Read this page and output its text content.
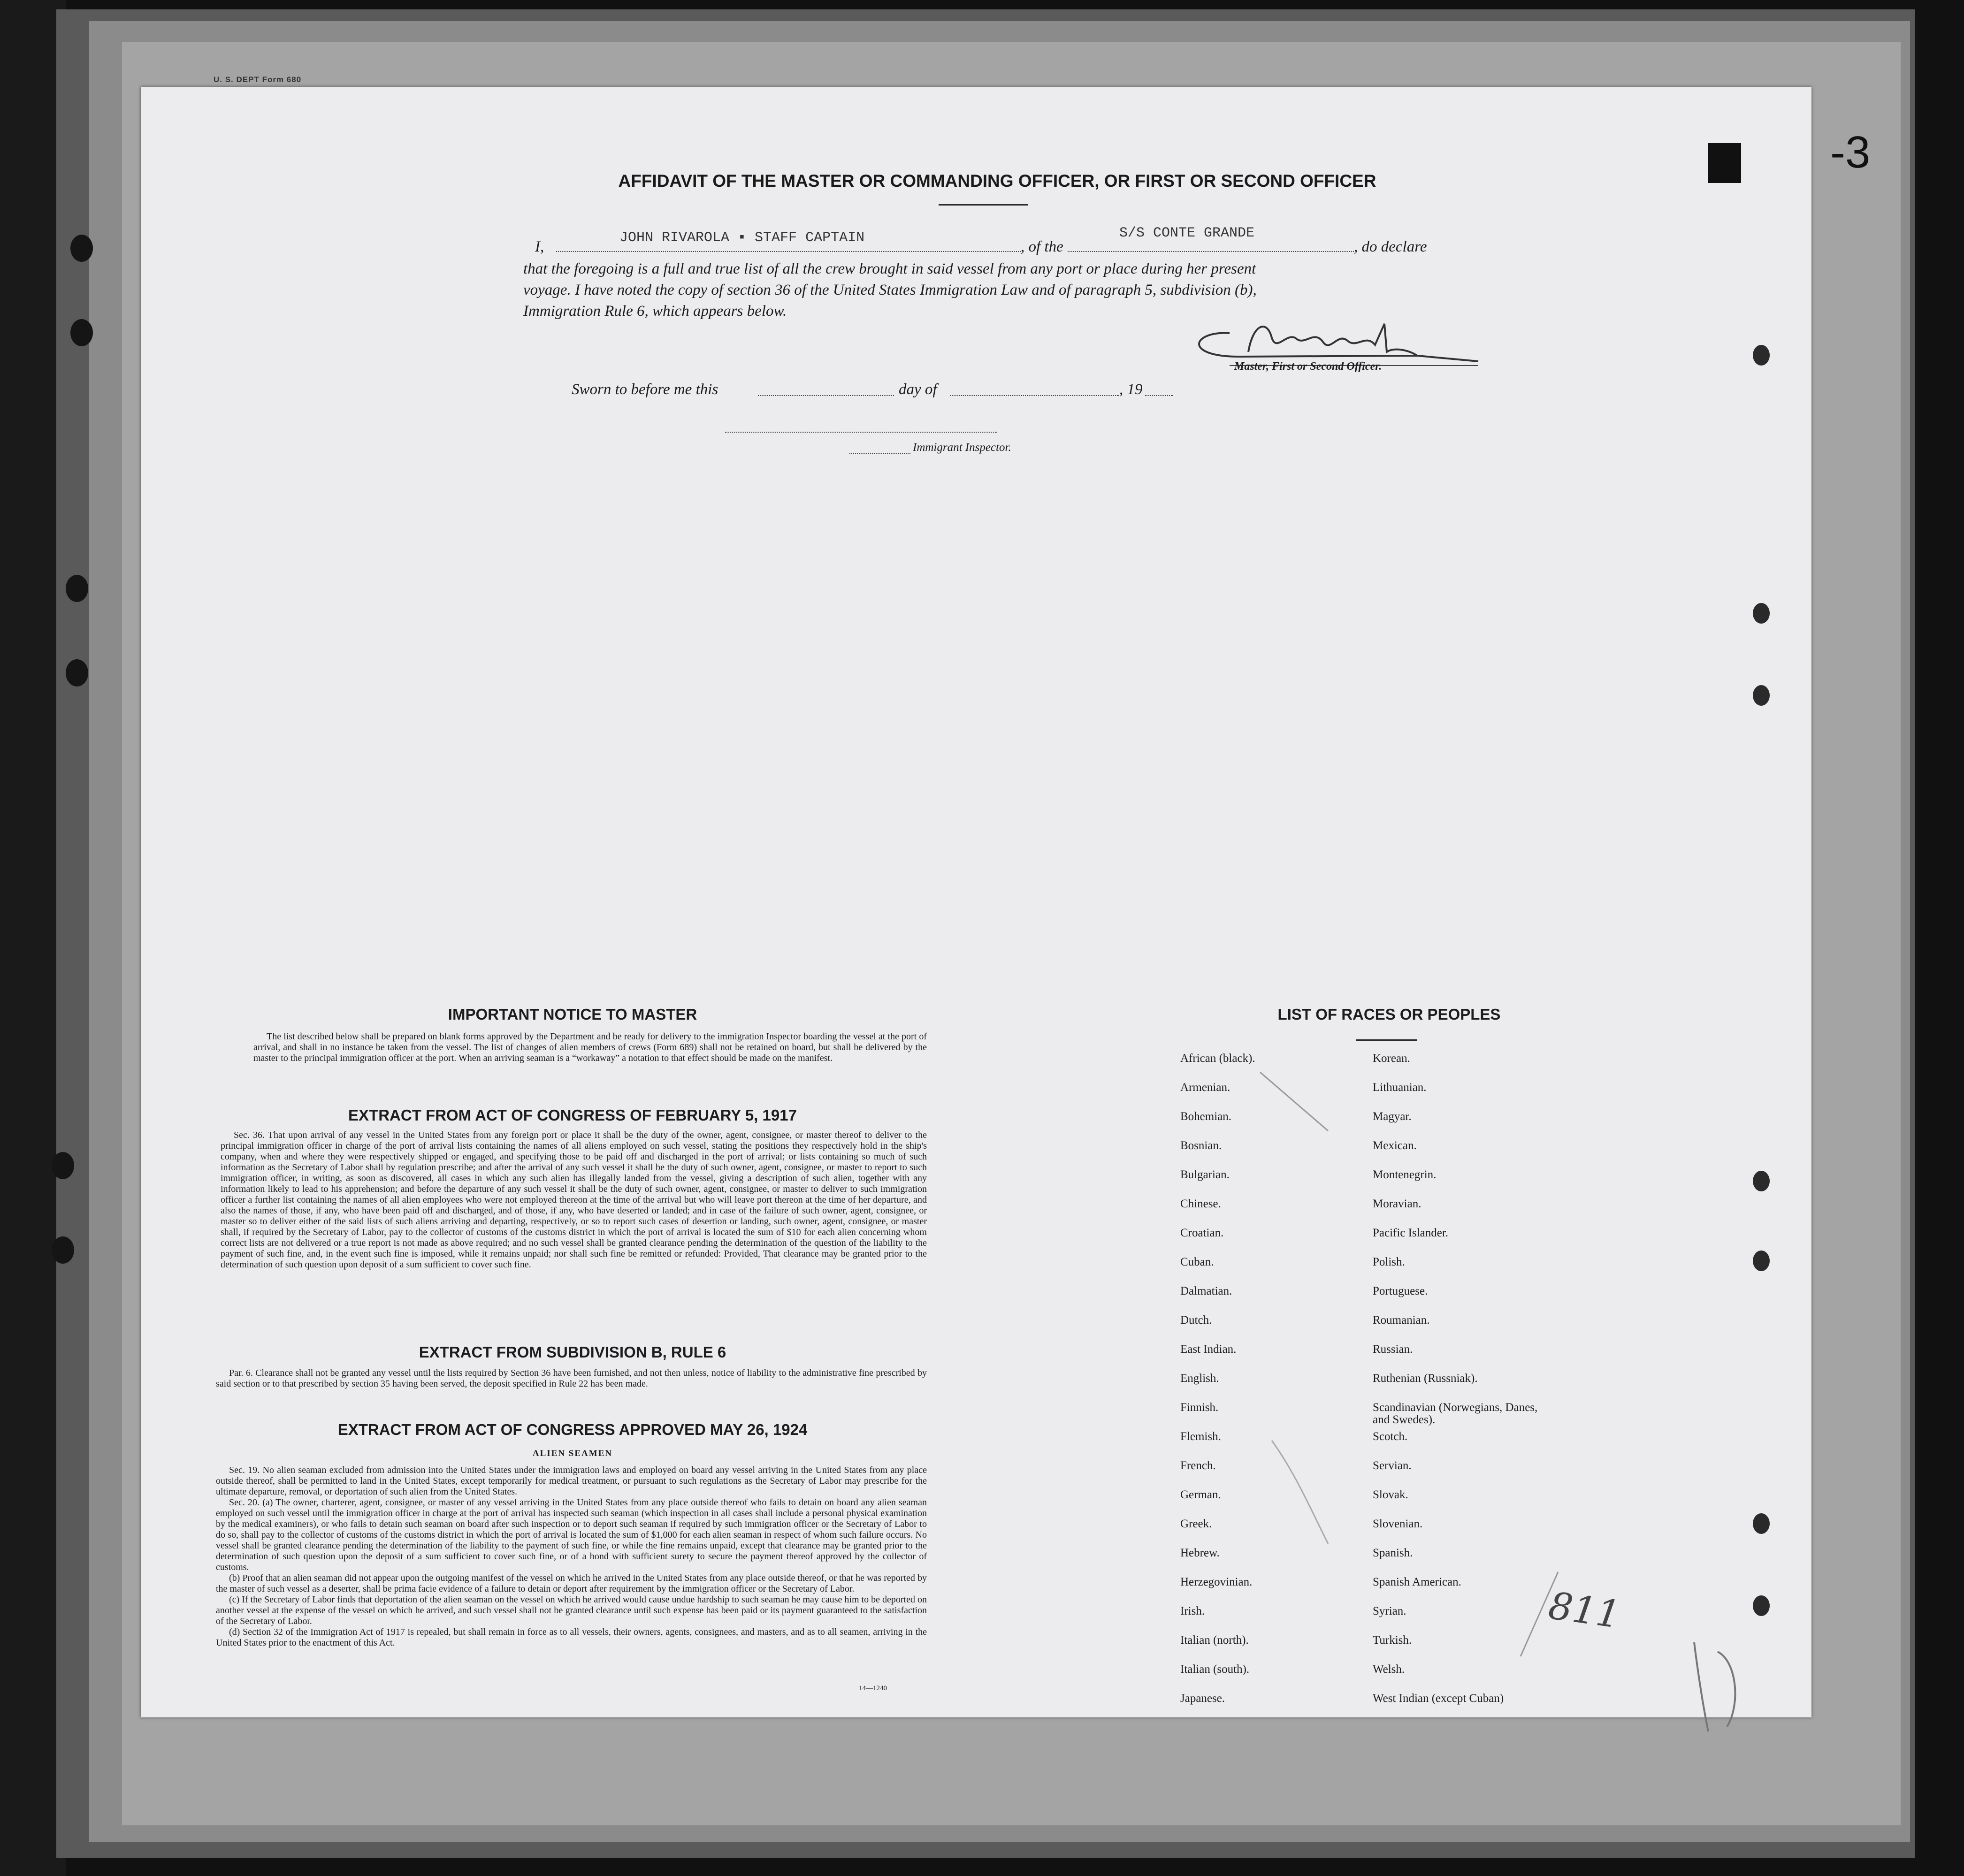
U. S. DEPT Form 680
-3
AFFIDAVIT OF THE MASTER OR COMMANDING OFFICER, OR FIRST OR SECOND OFFICER
I,
JOHN RIVAROLA ▪ STAFF CAPTAIN
, of the
S/S CONTE GRANDE
, do declare
that the foregoing is a full and true list of all the crew brought in said vessel from any port or place during her present
voyage. I have noted the copy of section 36 of the United States Immigration Law and of paragraph 5, subdivision (b),
Immigration Rule 6, which appears below.
Master, First or Second Officer.
Sworn to before me this	day of	, 19
Immigrant Inspector.
IMPORTANT NOTICE TO MASTER

The list described below shall be prepared on blank forms approved by the Department and be ready for delivery to the immigration Inspector boarding the vessel at the port of arrival, and shall in no instance be taken from the vessel. The list of changes of alien members of crews (Form 689) shall not be retained on board, but shall be delivered by the master to the principal immigration officer at the port. When an arriving seaman is a “workaway” a notation to that effect should be made on the manifest.

EXTRACT FROM ACT OF CONGRESS OF FEBRUARY 5, 1917

Sec. 36. That upon arrival of any vessel in the United States from any foreign port or place it shall be the duty of the owner, agent, consignee, or master thereof to deliver to the principal immigration officer in charge of the port of arrival lists containing the names of all aliens employed on such vessel, stating the positions they respectively hold in the ship's company, when and where they were respectively shipped or engaged, and specifying those to be paid off and discharged in the port of arrival; or lists containing so much of such information as the Secretary of Labor shall by regulation prescribe; and after the arrival of any such vessel it shall be the duty of such owner, agent, consignee, or master to report to such immigration officer, in writing, as soon as discovered, all cases in which any such alien has illegally landed from the vessel, giving a description of such alien, together with any information likely to lead to his apprehension; and before the departure of any such vessel it shall be the duty of such owner, agent, consignee, or master to deliver to such immigration officer a further list containing the names of all alien employees who were not employed thereon at the time of the arrival but who will leave port thereon at the time of her departure, and also the names of those, if any, who have been paid off and discharged, and of those, if any, who have deserted or landed; and in case of the failure of such owner, agent, consignee, or master so to deliver either of the said lists of such aliens arriving and departing, respectively, or so to report such cases of desertion or landing, such owner, agent, consignee, or master shall, if required by the Secretary of Labor, pay to the collector of customs of the customs district in which the port of arrival is located the sum of $10 for each alien concerning whom correct lists are not delivered or a true report is not made as above required; and no such vessel shall be granted clearance pending the determination of the question of the liability to the payment of such fine, and, in the event such fine is imposed, while it remains unpaid; nor shall such fine be remitted or refunded: Provided, That clearance may be granted prior to the determination of such question upon deposit of a sum sufficient to cover such fine.

EXTRACT FROM SUBDIVISION B, RULE 6

Par. 6. Clearance shall not be granted any vessel until the lists required by Section 36 have been furnished, and not then unless, notice of liability to the administrative fine prescribed by said section or to that prescribed by section 35 having been served, the deposit specified in Rule 22 has been made.

EXTRACT FROM ACT OF CONGRESS APPROVED MAY 26, 1924
ALIEN SEAMEN

Sec. 19. No alien seaman excluded from admission into the United States under the immigration laws and employed on board any vessel arriving in the United States from any place outside thereof, shall be permitted to land in the United States, except temporarily for medical treatment, or pursuant to such regulations as the Secretary of Labor may prescribe for the ultimate departure, removal, or deportation of such alien from the United States.

Sec. 20. (a) The owner, charterer, agent, consignee, or master of any vessel arriving in the United States from any place outside thereof who fails to detain on board any alien seaman employed on such vessel until the immigration officer in charge at the port of arrival has inspected such seaman (which inspection in all cases shall include a personal physical examination by the medical examiners), or who fails to detain such seaman on board after such inspection or to deport such seaman if required by such immigration officer or the Secretary of Labor to do so, shall pay to the collector of customs of the customs district in which the port of arrival is located the sum of $1,000 for each alien seaman in respect of whom such failure occurs. No vessel shall be granted clearance pending the determination of the liability to the payment of such fine, or while the fine remains unpaid, except that clearance may be granted prior to the determination of such question upon the deposit of a sum sufficient to cover such fine, or of a bond with sufficient surety to secure the payment thereof approved by the collector of customs.

(b) Proof that an alien seaman did not appear upon the outgoing manifest of the vessel on which he arrived in the United States from any place outside thereof, or that he was reported by the master of such vessel as a deserter, shall be prima facie evidence of a failure to detain or deport after requirement by the immigration officer or the Secretary of Labor.

(c) If the Secretary of Labor finds that deportation of the alien seaman on the vessel on which he arrived would cause undue hardship to such seaman he may cause him to be deported on another vessel at the expense of the vessel on which he arrived, and such vessel shall not be granted clearance until such expense has been paid or its payment guaranteed to the satisfaction of the Secretary of Labor.

(d) Section 32 of the Immigration Act of 1917 is repealed, but shall remain in force as to all vessels, their owners, agents, consignees, and masters, and as to all seamen, arriving in the United States prior to the enactment of this Act.

14—1240
LIST OF RACES OR PEOPLES
African (black).
Armenian.
Bohemian.
Bosnian.
Bulgarian.
Chinese.
Croatian.
Cuban.
Dalmatian.
Dutch.
East Indian.
English.
Finnish.
Flemish.
French.
German.
Greek.
Hebrew.
Herzegovinian.
Irish.
Italian (north).
Italian (south).
Japanese.
Korean.
Lithuanian.
Magyar.
Mexican.
Montenegrin.
Moravian.
Pacific Islander.
Polish.
Portuguese.
Roumanian.
Russian.
Ruthenian (Russniak).
Scandinavian (Norwegians, Danes, and Swedes).
Scotch.
Servian.
Slovak.
Slovenian.
Spanish.
Spanish American.
Syrian.
Turkish.
Welsh.
West Indian (except Cuban)
811
